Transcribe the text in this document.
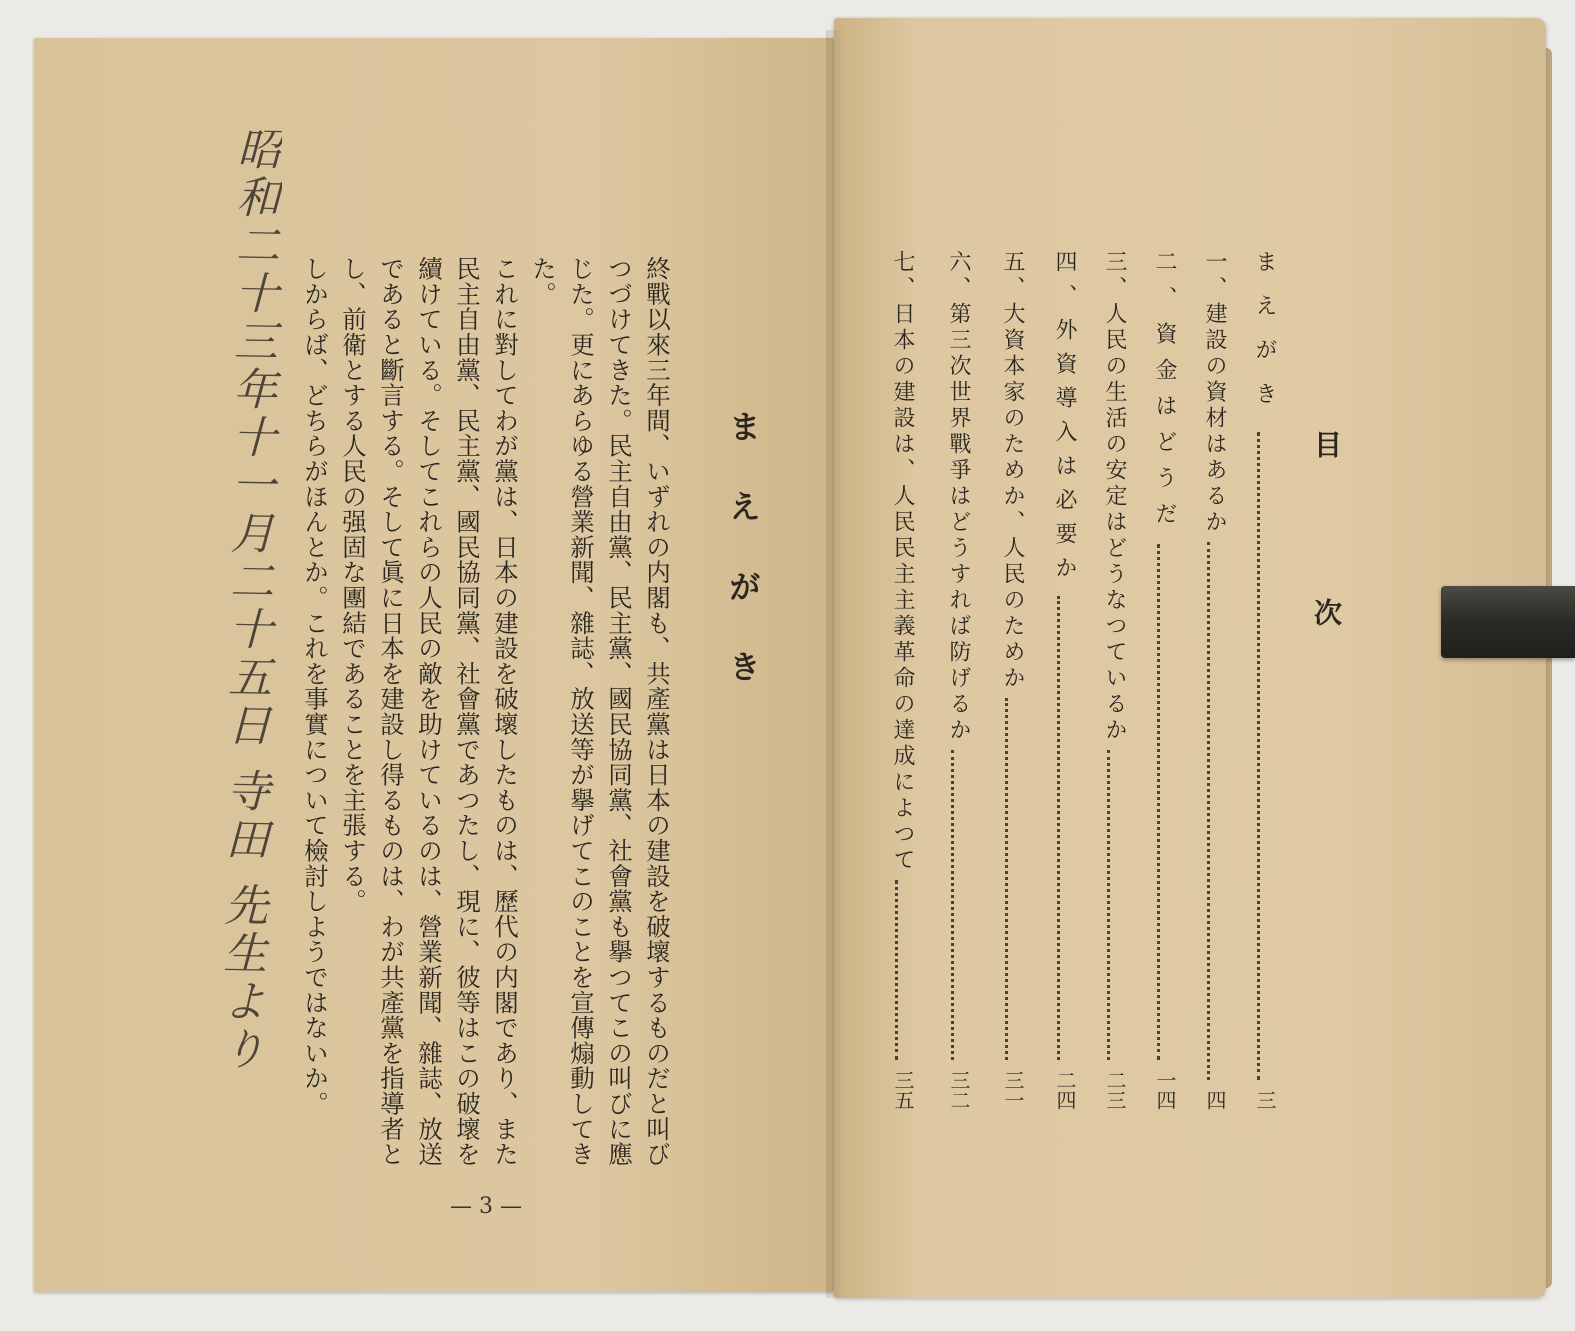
昭和二十三年十一月二十五日 寺田 先生より	まえがき

終戰以來三年間、いずれの内閣も、共產黨は日本の建設を破壞するものだと叫びつづけてきた。民主自由黨、民主黨、國民協同黨、社會黨も擧つてこの叫びに應じた。更にあらゆる營業新聞、雜誌、放送等が擧げてこのことを宣傳煽動してきた。

これに對してわが黨は、日本の建設を破壞したものは、歷代の内閣であり、また民主自由黨、民主黨、國民協同黨、社會黨であつたし、現に、彼等はこの破壞を續けている。そしてこれらの人民の敵を助けているのは、營業新聞、雜誌、放送であると斷言する。そして眞に日本を建設し得るものは、わが共產黨を指導者とし、前衛とする人民の强固な團結であることを主張する。

しからば、どちらがほんとか。これを事實について檢討しようではないか。

— 3 —
目次
まえがき
三
一、建設の資材はあるか
四
二、資金はどうだ
一四
三、人民の生活の安定はどうなつているか
二三
四、外資導入は必要か
二四
五、大資本家のためか、人民のためか
三一
六、第三次世界戰爭はどうすれば防げるか
三二
七、日本の建設は、人民民主主義革命の達成によつて
三五
